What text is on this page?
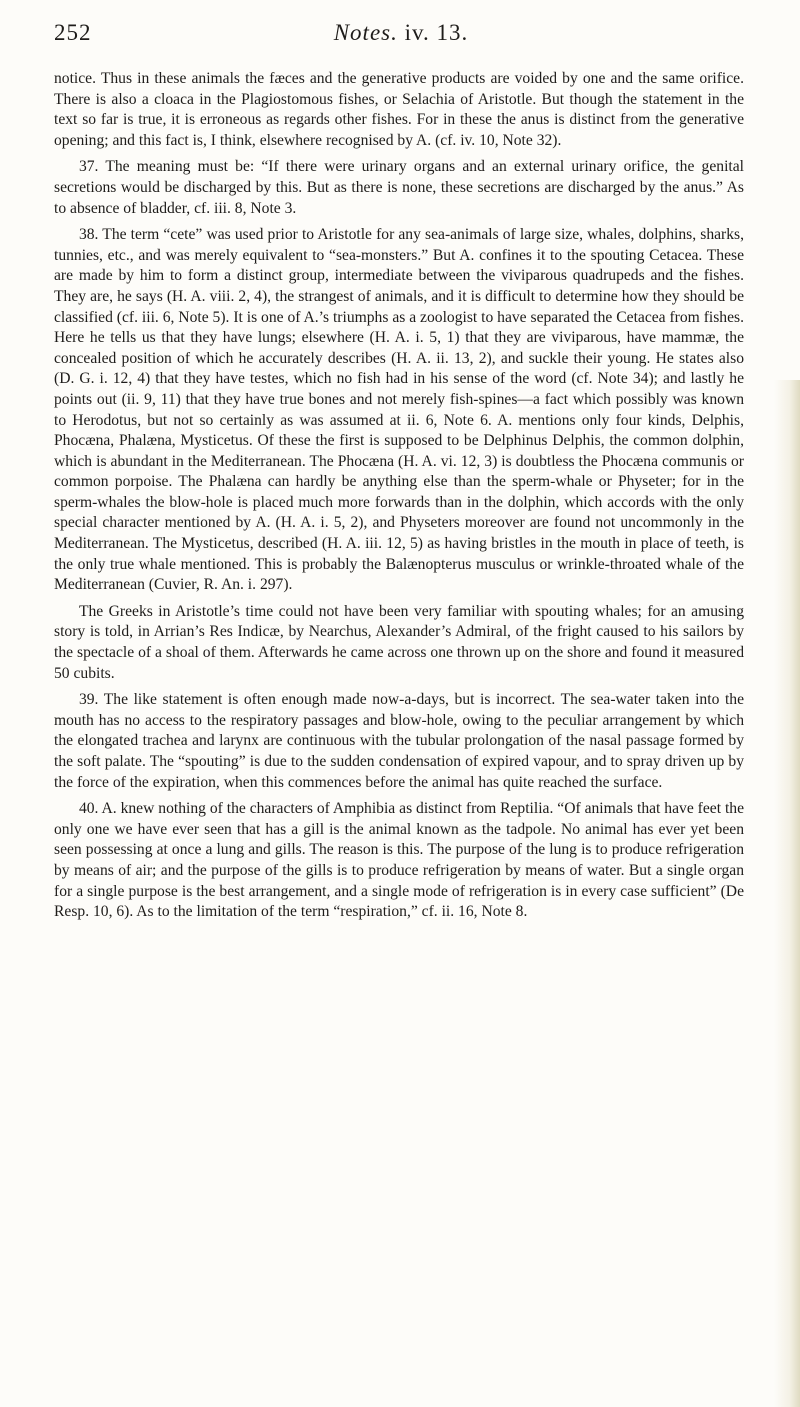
252	Notes. iv. 13.

notice. Thus in these animals the fæces and the generative products are voided by one and the same orifice. There is also a cloaca in the Plagiostomous fishes, or Selachia of Aristotle. But though the statement in the text so far is true, it is erroneous as regards other fishes. For in these the anus is distinct from the generative opening; and this fact is, I think, elsewhere recognised by A. (cf. iv. 10, Note 32).

37. The meaning must be: “If there were urinary organs and an external urinary orifice, the genital secretions would be discharged by this. But as there is none, these secretions are discharged by the anus.” As to absence of bladder, cf. iii. 8, Note 3.

38. The term “cete” was used prior to Aristotle for any sea-animals of large size, whales, dolphins, sharks, tunnies, etc., and was merely equivalent to “sea-monsters.” But A. confines it to the spouting Cetacea. These are made by him to form a distinct group, intermediate between the viviparous quadrupeds and the fishes. They are, he says (H. A. viii. 2, 4), the strangest of animals, and it is difficult to determine how they should be classified (cf. iii. 6, Note 5). It is one of A.’s triumphs as a zoologist to have separated the Cetacea from fishes. Here he tells us that they have lungs; elsewhere (H. A. i. 5, 1) that they are viviparous, have mammæ, the concealed position of which he accurately describes (H. A. ii. 13, 2), and suckle their young. He states also (D. G. i. 12, 4) that they have testes, which no fish had in his sense of the word (cf. Note 34); and lastly he points out (ii. 9, 11) that they have true bones and not merely fish-spines—a fact which possibly was known to Herodotus, but not so certainly as was assumed at ii. 6, Note 6. A. mentions only four kinds, Delphis, Phocæna, Phalæna, Mysticetus. Of these the first is supposed to be Delphinus Delphis, the common dolphin, which is abundant in the Mediterranean. The Phocæna (H. A. vi. 12, 3) is doubtless the Phocæna communis or common porpoise. The Phalæna can hardly be anything else than the sperm-whale or Physeter; for in the sperm-whales the blow-hole is placed much more forwards than in the dolphin, which accords with the only special character mentioned by A. (H. A. i. 5, 2), and Physeters moreover are found not uncommonly in the Mediterranean. The Mysticetus, described (H. A. iii. 12, 5) as having bristles in the mouth in place of teeth, is the only true whale mentioned. This is probably the Balænopterus musculus or wrinkle-throated whale of the Mediterranean (Cuvier, R. An. i. 297).

The Greeks in Aristotle’s time could not have been very familiar with spouting whales; for an amusing story is told, in Arrian’s Res Indicæ, by Nearchus, Alexander’s Admiral, of the fright caused to his sailors by the spectacle of a shoal of them. Afterwards he came across one thrown up on the shore and found it measured 50 cubits.

39. The like statement is often enough made now-a-days, but is incorrect. The sea-water taken into the mouth has no access to the respiratory passages and blow-hole, owing to the peculiar arrangement by which the elongated trachea and larynx are continuous with the tubular prolongation of the nasal passage formed by the soft palate. The “spouting” is due to the sudden condensation of expired vapour, and to spray driven up by the force of the expiration, when this commences before the animal has quite reached the surface.

40. A. knew nothing of the characters of Amphibia as distinct from Reptilia. “Of animals that have feet the only one we have ever seen that has a gill is the animal known as the tadpole. No animal has ever yet been seen possessing at once a lung and gills. The reason is this. The purpose of the lung is to produce refrigeration by means of air; and the purpose of the gills is to produce refrigeration by means of water. But a single organ for a single purpose is the best arrangement, and a single mode of refrigeration is in every case sufficient” (De Resp. 10, 6). As to the limitation of the term “respiration,” cf. ii. 16, Note 8.
